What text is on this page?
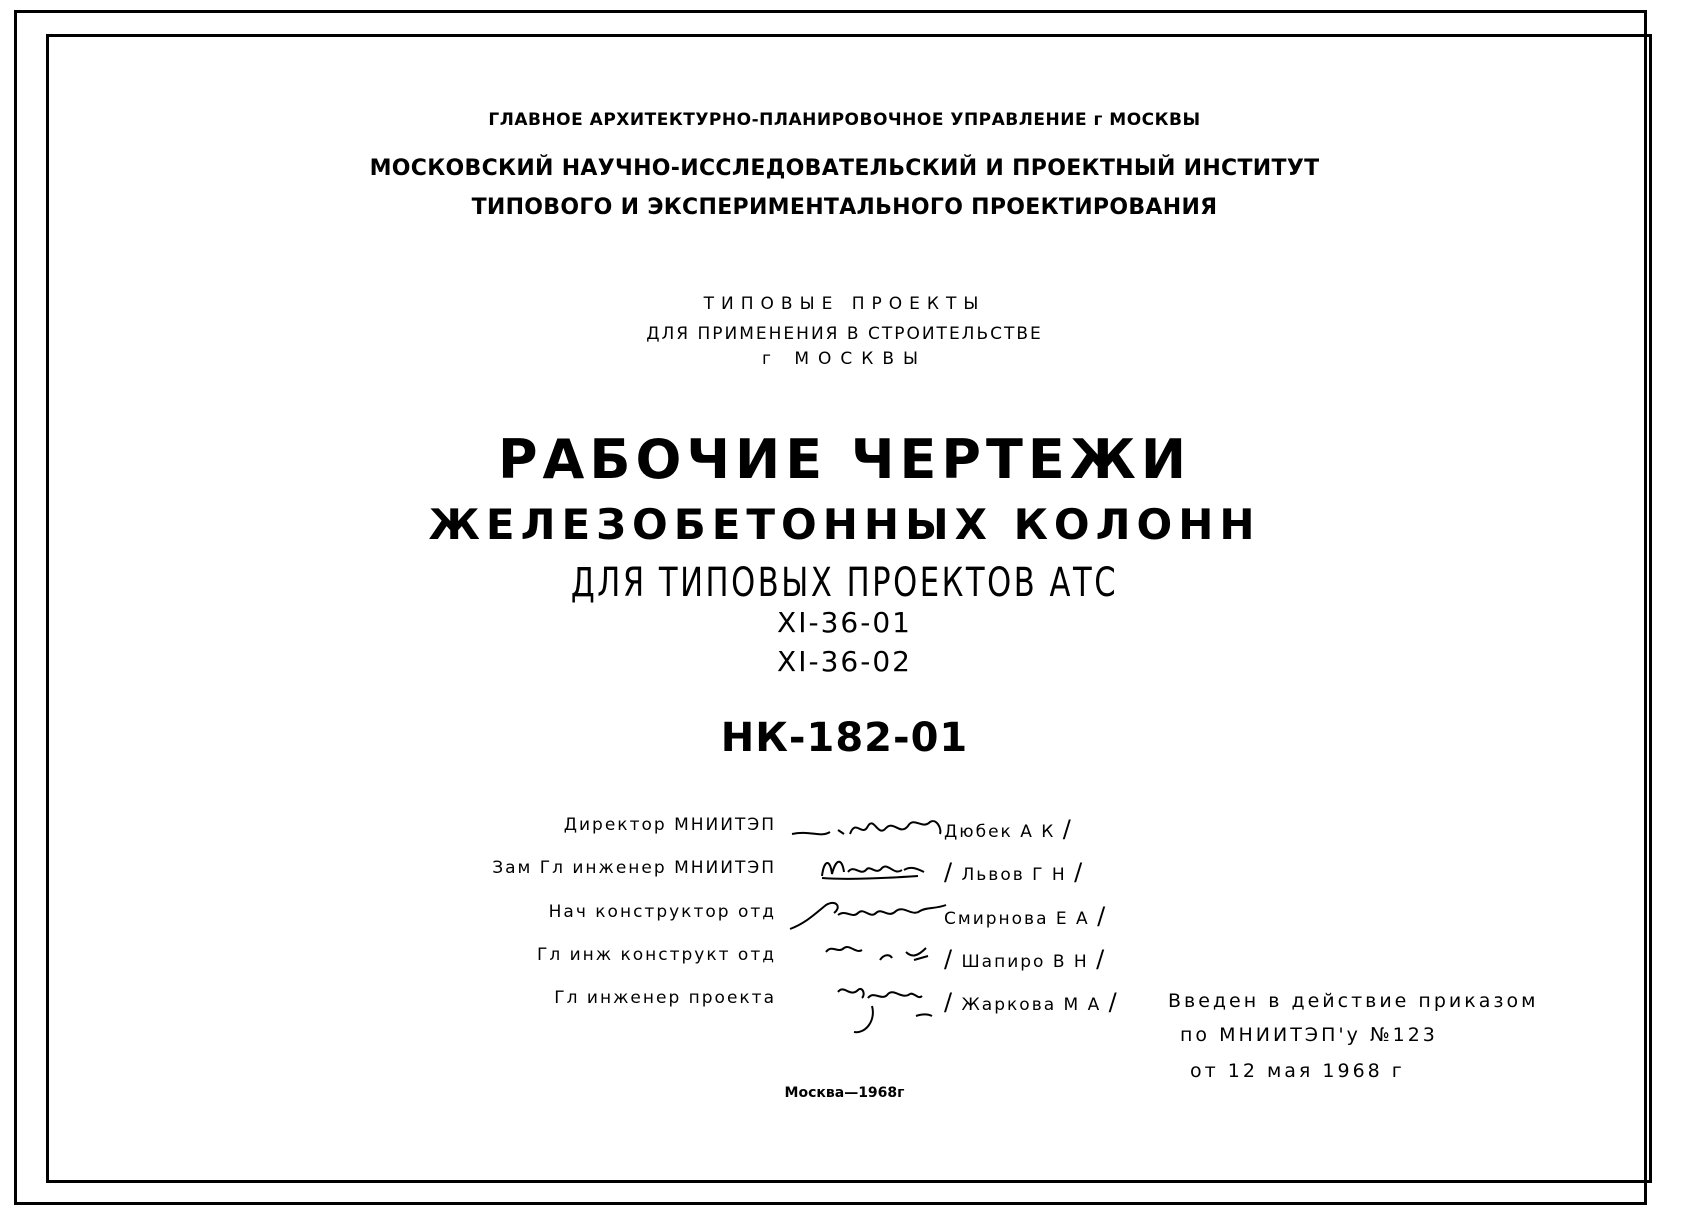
ГЛАВНОЕ АРХИТЕКТУРНО-ПЛАНИРОВОЧНОЕ УПРАВЛЕНИЕ г МОСКВЫ
МОСКОВСКИЙ НАУЧНО-ИССЛЕДОВАТЕЛЬСКИЙ И ПРОЕКТНЫЙ ИНСТИТУТ
ТИПОВОГО И ЭКСПЕРИМЕНТАЛЬНОГО ПРОЕКТИРОВАНИЯ
ТИПОВЫЕ ПРОЕКТЫ
ДЛЯ ПРИМЕНЕНИЯ В СТРОИТЕЛЬСТВЕ
г МОСКВЫ
РАБОЧИЕ ЧЕРТЕЖИ
ЖЕЛЕЗОБЕТОННЫХ КОЛОНН
ДЛЯ ТИПОВЫХ ПРОЕКТОВ АТС
XI-36-01
XI-36-02
НК-182-01
Директор МНИИТЭП	Дюбек А К /
Зам Гл инженер МНИИТЭП	/ Львов Г Н /
Нач конструктор отд	Смирнова Е А /
Гл инж конструкт отд	/ Шапиро В Н /
Гл инженер проекта	/ Жаркова М А /	Введен в действие приказом
по МНИИТЭП'у №123
от 12 мая 1968 г
Москва—1968г
